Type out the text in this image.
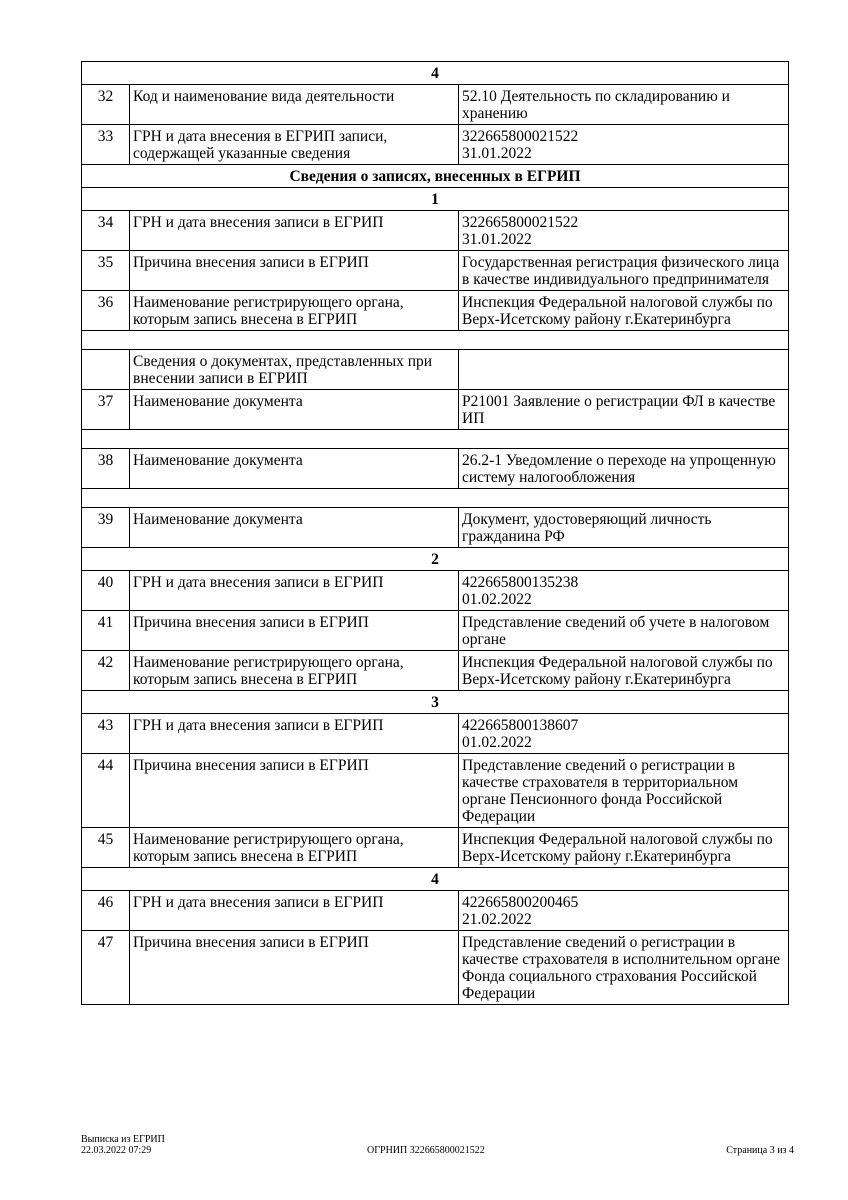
4		
32	Код и наименование вида деятельности	52.10 Деятельность по складированию и хранению
33	ГРН и дата внесения в ЕГРИП записи, содержащей указанные сведения	322665800021522
31.01.2022
Сведения о записях, внесенных в ЕГРИП		
1		
34	ГРН и дата внесения записи в ЕГРИП	322665800021522
31.01.2022
35	Причина внесения записи в ЕГРИП	Государственная регистрация физического лица в качестве индивидуального предпринимателя
36	Наименование регистрирующего органа, которым запись внесена в ЕГРИП	Инспекция Федеральной налоговой службы по Верх-Исетскому району г.Екатеринбурга

	Сведения о документах, представленных при внесении записи в ЕГРИП	
37	Наименование документа	Р21001 Заявление о регистрации ФЛ в качестве ИП

38	Наименование документа	26.2-1 Уведомление о переходе на упрощенную систему налогообложения

39	Наименование документа	Документ, удостоверяющий личность гражданина РФ
2		
40	ГРН и дата внесения записи в ЕГРИП	422665800135238
01.02.2022
41	Причина внесения записи в ЕГРИП	Представление сведений об учете в налоговом органе
42	Наименование регистрирующего органа, которым запись внесена в ЕГРИП	Инспекция Федеральной налоговой службы по Верх-Исетскому району г.Екатеринбурга
3		
43	ГРН и дата внесения записи в ЕГРИП	422665800138607
01.02.2022
44	Причина внесения записи в ЕГРИП	Представление сведений о регистрации в качестве страхователя в территориальном органе Пенсионного фонда Российской Федерации
45	Наименование регистрирующего органа, которым запись внесена в ЕГРИП	Инспекция Федеральной налоговой службы по Верх-Исетскому району г.Екатеринбурга
4		
46	ГРН и дата внесения записи в ЕГРИП	422665800200465
21.02.2022
47	Причина внесения записи в ЕГРИП	Представление сведений о регистрации в качестве страхователя в исполнительном органе Фонда социального страхования Российской Федерации
Выписка из ЕГРИП
22.03.2022 07:29	ОГРНИП 322665800021522	Страница 3 из 4
